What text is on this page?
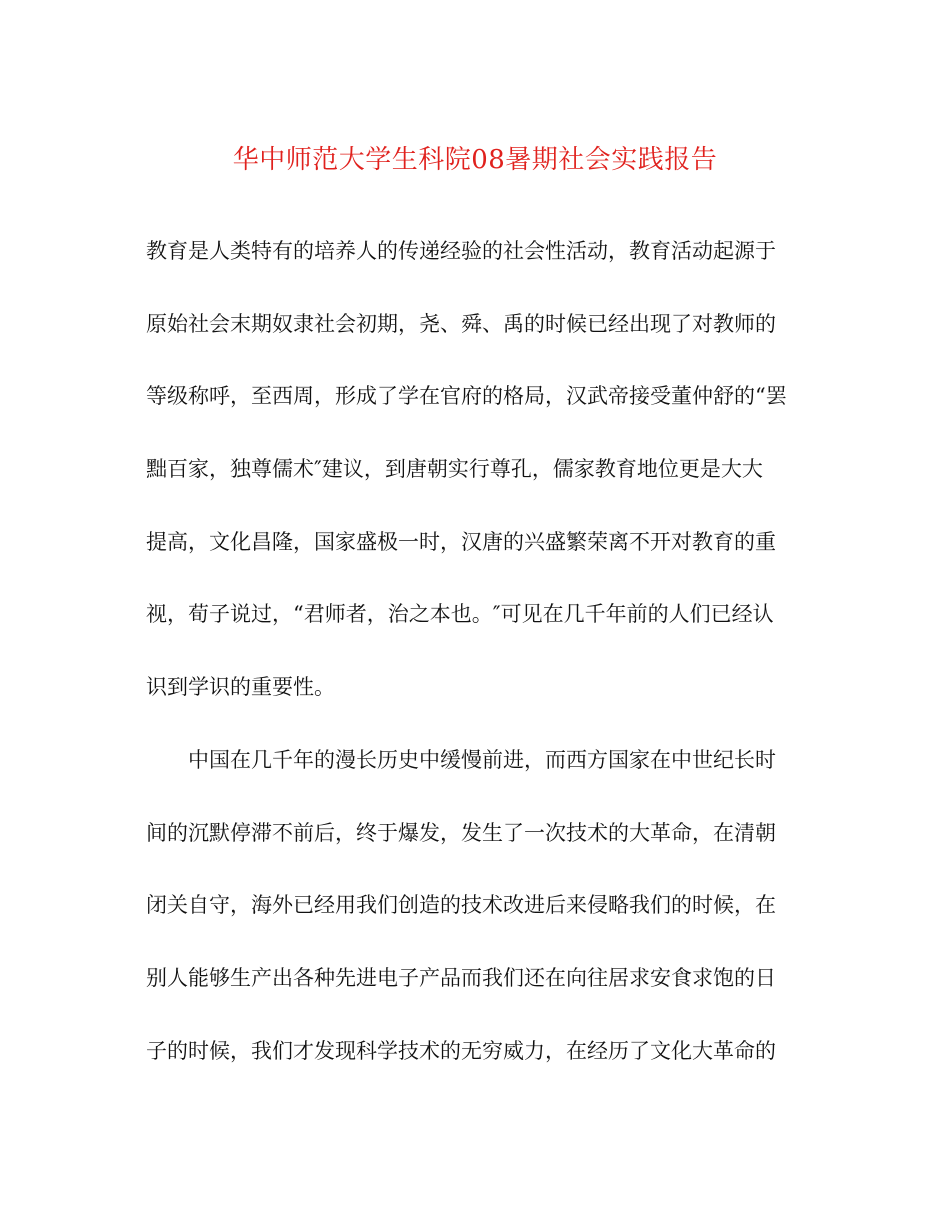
华中师范大学生科院08暑期社会实践报告
教育是人类特有的培养人的传递经验的社会性活动，教育活动起源于
原始社会末期奴隶社会初期，尧、舜、禹的时候已经出现了对教师的
等级称呼，至西周，形成了学在官府的格局，汉武帝接受董仲舒的“罢
黜百家，独尊儒术″建议，到唐朝实行尊孔，儒家教育地位更是大大
提高，文化昌隆，国家盛极一时，汉唐的兴盛繁荣离不开对教育的重
视，荀子说过，“君师者，治之本也。″可见在几千年前的人们已经认
识到学识的重要性。
中国在几千年的漫长历史中缓慢前进，而西方国家在中世纪长时
间的沉默停滞不前后，终于爆发，发生了一次技术的大革命，在清朝
闭关自守，海外已经用我们创造的技术改进后来侵略我们的时候，在
别人能够生产出各种先进电子产品而我们还在向往居求安食求饱的日
子的时候，我们才发现科学技术的无穷威力，在经历了文化大革命的
